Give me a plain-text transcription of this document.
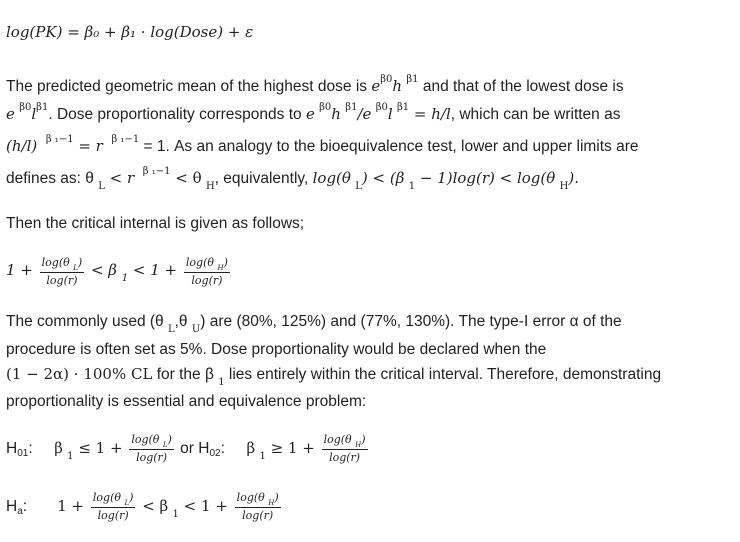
log(PK) = β₀ + β₁ · log(Dose) + ε
The predicted geometric mean of the highest dose is $e^{\beta 0}h$ $^{\beta 1}$ and that of the lowest dose is
e $^{\beta 0}l^{\beta 1}$. Dose proportionality corresponds to e $^{\beta 0}$h $^{\beta 1}$/e $^{\beta 0}$l $^{\beta 1}$ = h/l, which can be written as
(h/l) $^{\beta _1-1}$ = r $^{\beta _1-1}$ = 1. As an analogy to the bioequivalence test, lower and upper limits are
defines as: θ $_L$ < r $^{\beta _1-1}$ < θ $_H$, equivalently, log(θ $_L$) < (β $_1$ − 1)log(r) < log(θ $_H$).
Then the critical internal is given as follows;
$1 + \frac{\log(\theta _L)}{\log(r)} < \beta$ $_1 < 1 + \frac{\log(\theta _H)}{\log(r)}$
The commonly used (θ $_L$,θ $_U$) are (80%, 125%) and (77%, 130%). The type-I error α of the
procedure is often set as 5%. Dose proportionality would be declared when the
(1 − 2α) · 100% CL for the β $_1$ lies entirely within the critical interval. Therefore, demonstrating
proportionality is essential and equivalence problem:
H01: β $_1 \le 1 + \frac{\log(\theta _L)}{\log(r)}$ or H02: β $_1 \ge 1 + \frac{\log(\theta _H)}{\log(r)}$
Ha: $1 + \frac{\log(\theta _L)}{\log(r)} < \beta$ $_1 < 1 + \frac{\log(\theta _H)}{\log(r)}$
